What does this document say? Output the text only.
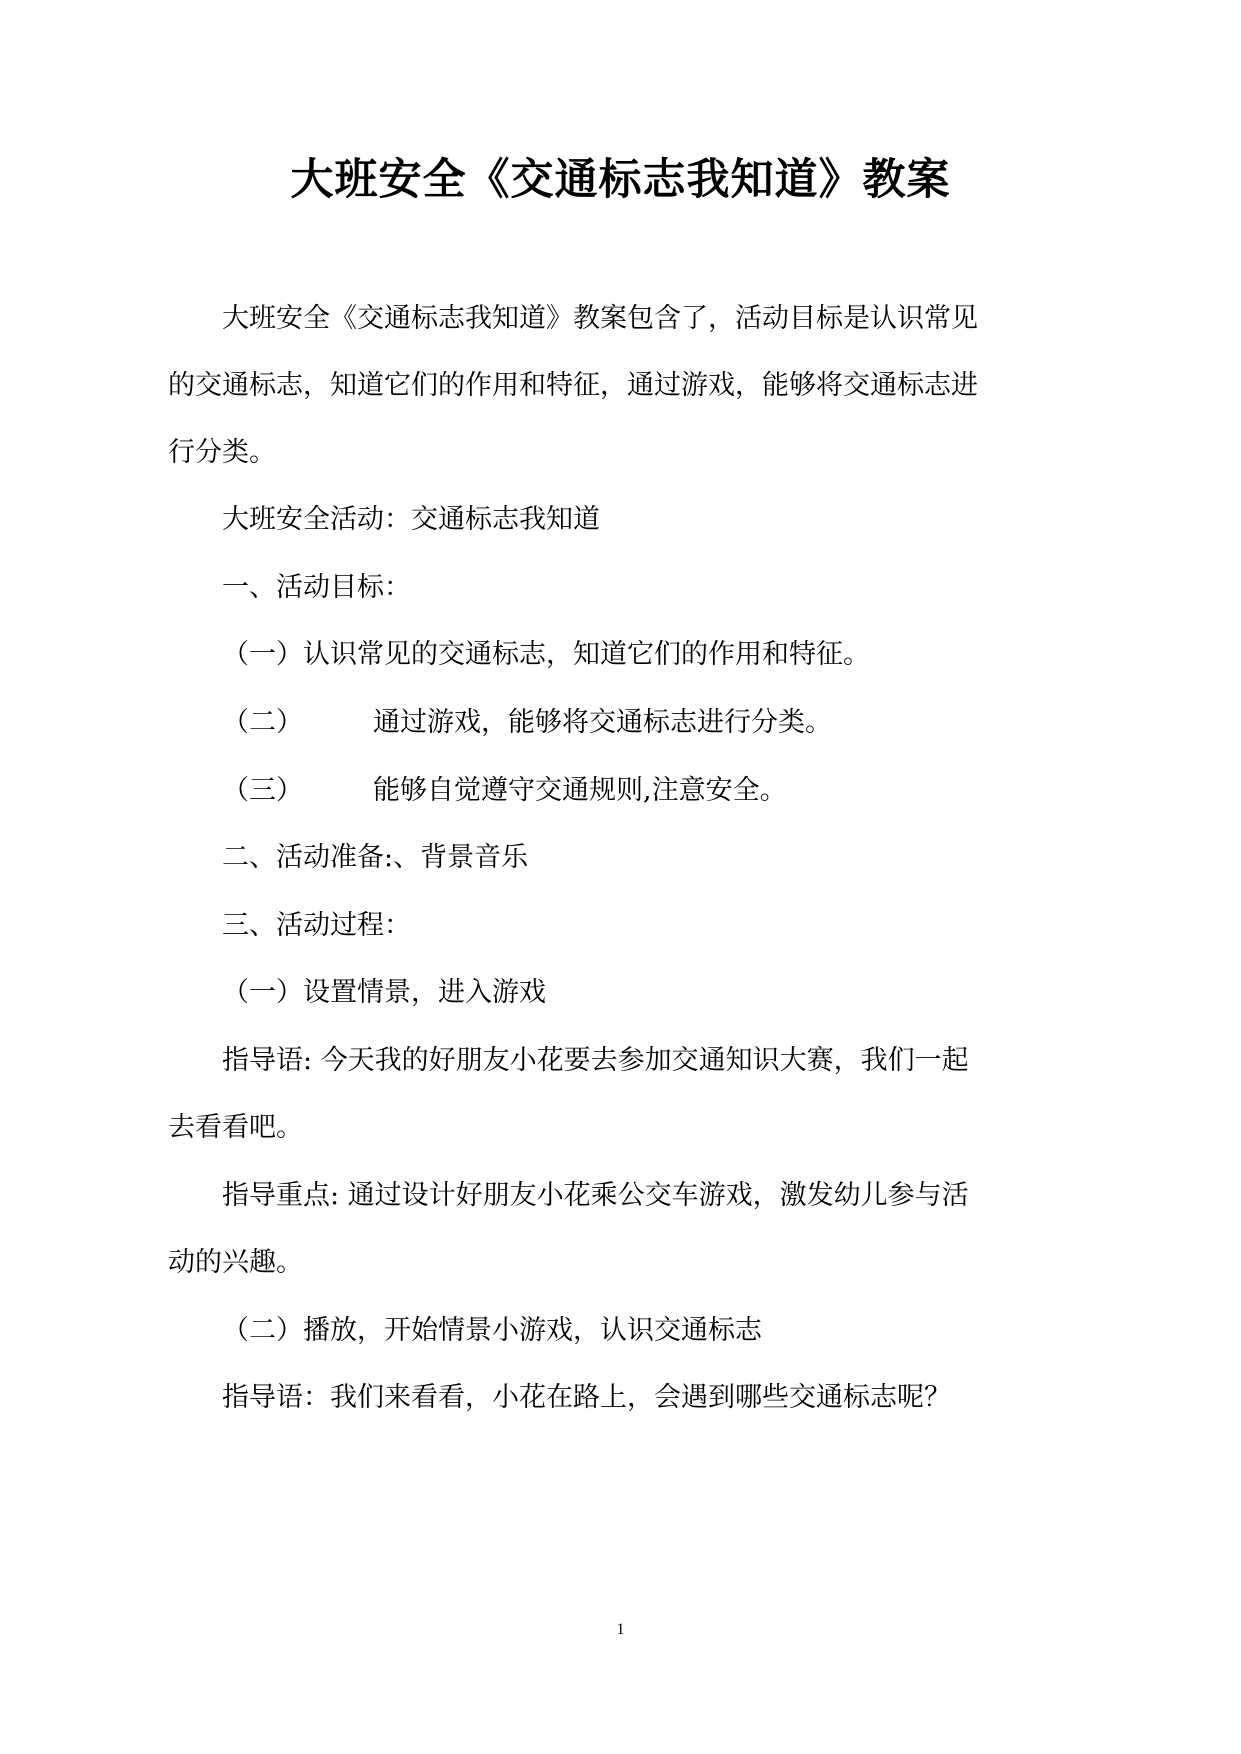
大班安全《交通标志我知道》教案
大班安全《交通标志我知道》教案包含了，活动目标是认识常见
的交通标志，知道它们的作用和特征，通过游戏，能够将交通标志进
行分类。
大班安全活动：交通标志我知道
一、活动目标：
（一）认识常见的交通标志，知道它们的作用和特征。
（二）	通过游戏，能够将交通标志进行分类。
（三）	能够自觉遵守交通规则,注意安全。
二、活动准备:、背景音乐
三、活动过程：
（一）设置情景，进入游戏
指导语: 今天我的好朋友小花要去参加交通知识大赛，我们一起
去看看吧。
指导重点: 通过设计好朋友小花乘公交车游戏，激发幼儿参与活
动的兴趣。
（二）播放，开始情景小游戏，认识交通标志
指导语：我们来看看，小花在路上，会遇到哪些交通标志呢？
1
